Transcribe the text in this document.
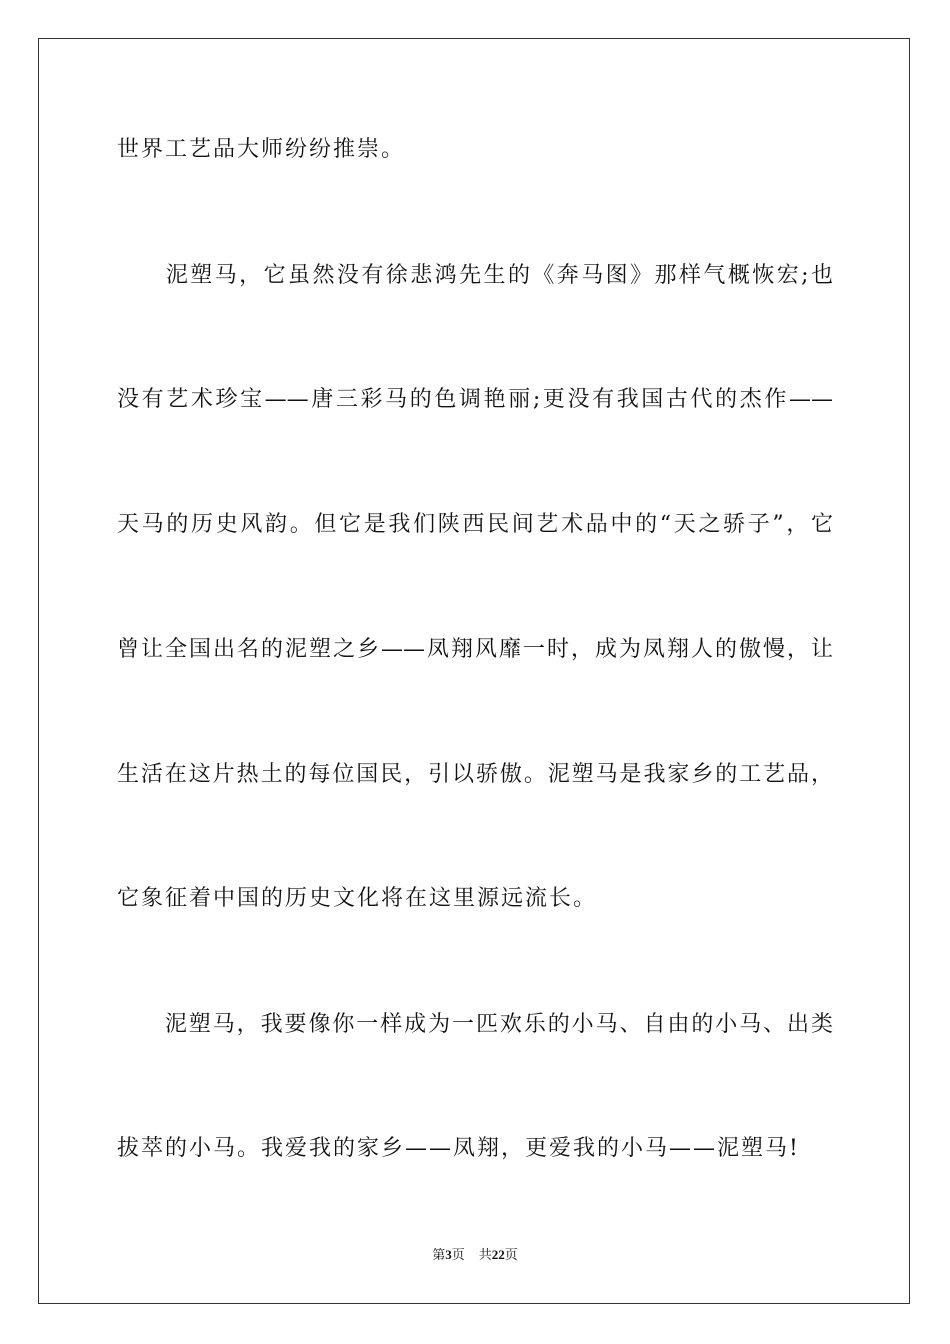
世界工艺品大师纷纷推崇。
　　泥塑马，它虽然没有徐悲鸿先生的《奔马图》那样气概恢宏;也
没有艺术珍宝——唐三彩马的色调艳丽;更没有我国古代的杰作——
天马的历史风韵。但它是我们陕西民间艺术品中的“天之骄子”，它
曾让全国出名的泥塑之乡——凤翔风靡一时，成为凤翔人的傲慢，让
生活在这片热土的每位国民，引以骄傲。泥塑马是我家乡的工艺品，
它象征着中国的历史文化将在这里源远流长。
　　泥塑马，我要像你一样成为一匹欢乐的小马、自由的小马、出类
拔萃的小马。我爱我的家乡——凤翔，更爱我的小马——泥塑马!
第3页 共22页
